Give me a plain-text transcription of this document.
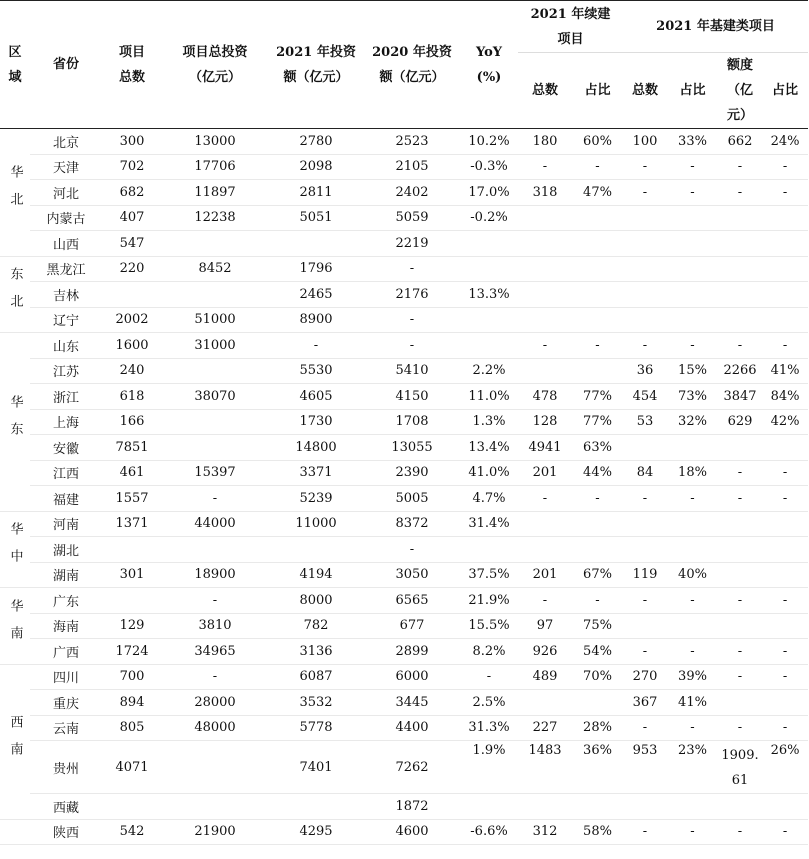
区域	省份	项目总数	项目总投资（亿元）	2021 年投资额（亿元）	2020 年投资额（亿元）	YoY (%)	2021 年续建项目		2021 年基建类项目			
							总数	占比	总数	占比	额度（亿元）	占比

华北	北京	300	13000	2780	2523	10.2%	180	60%	100	33%	662	24%
	天津	702	17706	2098	2105	-0.3%	-	-	-	-	-	-
	河北	682	11897	2811	2402	17.0%	318	47%	-	-	-	-
	内蒙古	407	12238	5051	5059	-0.2%						
	山西	547			2219							

东北	黑龙江	220	8452	1796	-							
	吉林			2465	2176	13.3%						
	辽宁	2002	51000	8900	-							

华东	山东	1600	31000	-	-		-	-	-	-	-	-
	江苏	240		5530	5410	2.2%			36	15%	2266	41%
	浙江	618	38070	4605	4150	11.0%	478	77%	454	73%	3847	84%
	上海	166		1730	1708	1.3%	128	77%	53	32%	629	42%
	安徽	7851		14800	13055	13.4%	4941	63%				
	江西	461	15397	3371	2390	41.0%	201	44%	84	18%	-	-
	福建	1557	-	5239	5005	4.7%	-	-	-	-	-	-

华中	河南	1371	44000	11000	8372	31.4%						
	湖北				-							
	湖南	301	18900	4194	3050	37.5%	201	67%	119	40%		

华南	广东		-	8000	6565	21.9%	-	-	-	-	-	-
	海南	129	3810	782	677	15.5%	97	75%				
	广西	1724	34965	3136	2899	8.2%	926	54%	-	-	-	-

西南	四川	700	-	6087	6000	-	489	70%	270	39%	-	-
	重庆	894	28000	3532	3445	2.5%			367	41%		
	云南	805	48000	5778	4400	31.3%	227	28%	-	-	-	-
	贵州	4071		7401	7262	1.9%	1483	36%	953	23%	1909.61	26%
	西藏				1872							

	陕西	542	21900	4295	4600	-6.6%	312	58%	-	-	-	-
